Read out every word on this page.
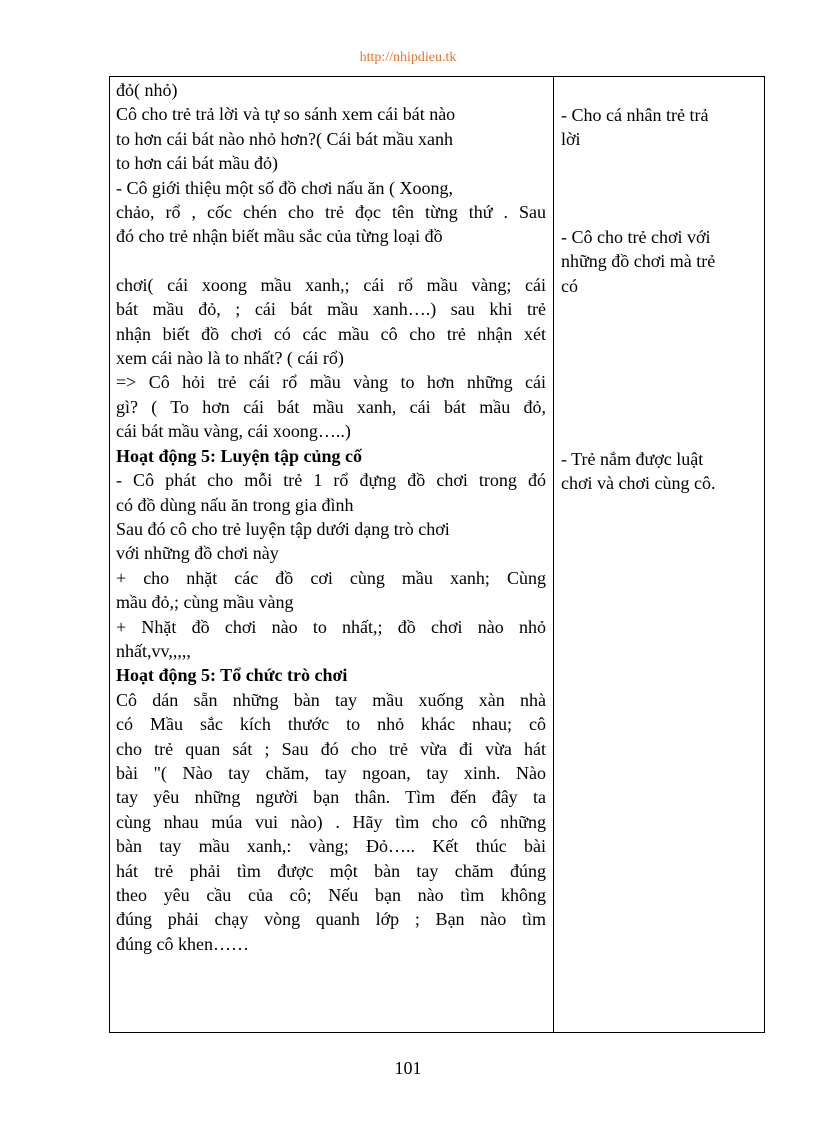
http://nhipdieu.tk

đỏ( nhỏ)

Cô cho trẻ trả lời và tự so sánh xem cái bát nào

to hơn cái bát nào nhỏ hơn?( Cái bát mầu xanh

to hơn cái bát mầu đỏ)

- Cô giới thiệu một số đồ chơi nấu ăn ( Xoong,

chảo, rổ , cốc chén cho trẻ đọc tên từng thứ . Sau

đó cho trẻ nhận biết mầu sắc của từng loại đồ

chơi( cái xoong mầu xanh,; cái rổ mầu vàng; cái

bát mầu đỏ, ; cái bát mầu xanh….) sau khi trẻ

nhận biết đồ chơi có các mầu cô cho trẻ nhận xét

xem cái nào là to nhất? ( cái rổ)

=> Cô hỏi trẻ cái rổ mầu vàng to hơn những cái

gì? ( To hơn cái bát mầu xanh, cái bát mầu đỏ,

cái bát mầu vàng, cái xoong…..)

Hoạt động 5: Luyện tập củng cố

- Cô phát cho mỗi trẻ 1 rổ đựng đồ chơi trong đó

có đồ dùng nấu ăn trong gia đình

Sau đó cô cho trẻ luyện tập dưới dạng trò chơi

với những đồ chơi này

+ cho nhặt các đồ cơi cùng mầu xanh; Cùng

mầu đỏ,; cùng mầu vàng

+ Nhặt đồ chơi nào to nhất,; đồ chơi nào nhỏ

nhất,vv,,,,,

Hoạt động 5: Tổ chức trò chơi

Cô dán sẵn những bàn tay mầu xuống xàn nhà

có Mầu sắc kích thước to nhỏ khác nhau; cô

cho trẻ quan sát ; Sau đó cho trẻ vừa đi vừa hát

bài "( Nào tay chăm, tay ngoan, tay xinh. Nào

tay yêu những người bạn thân. Tìm đến đây ta

cùng nhau múa vui nào) . Hãy tìm cho cô những

bàn tay mầu xanh,: vàng; Đỏ….. Kết thúc bài

hát trẻ phải tìm được một bàn tay chăm đúng

theo yêu cầu của cô; Nếu bạn nào tìm không

đúng phải chạy vòng quanh lớp ; Bạn nào tìm

đúng cô khen……

- Cho cá nhân trẻ trả

lời

- Cô cho trẻ chơi với

những đồ chơi mà trẻ

có

- Trẻ nắm được luật

chơi và chơi cùng cô.

101
